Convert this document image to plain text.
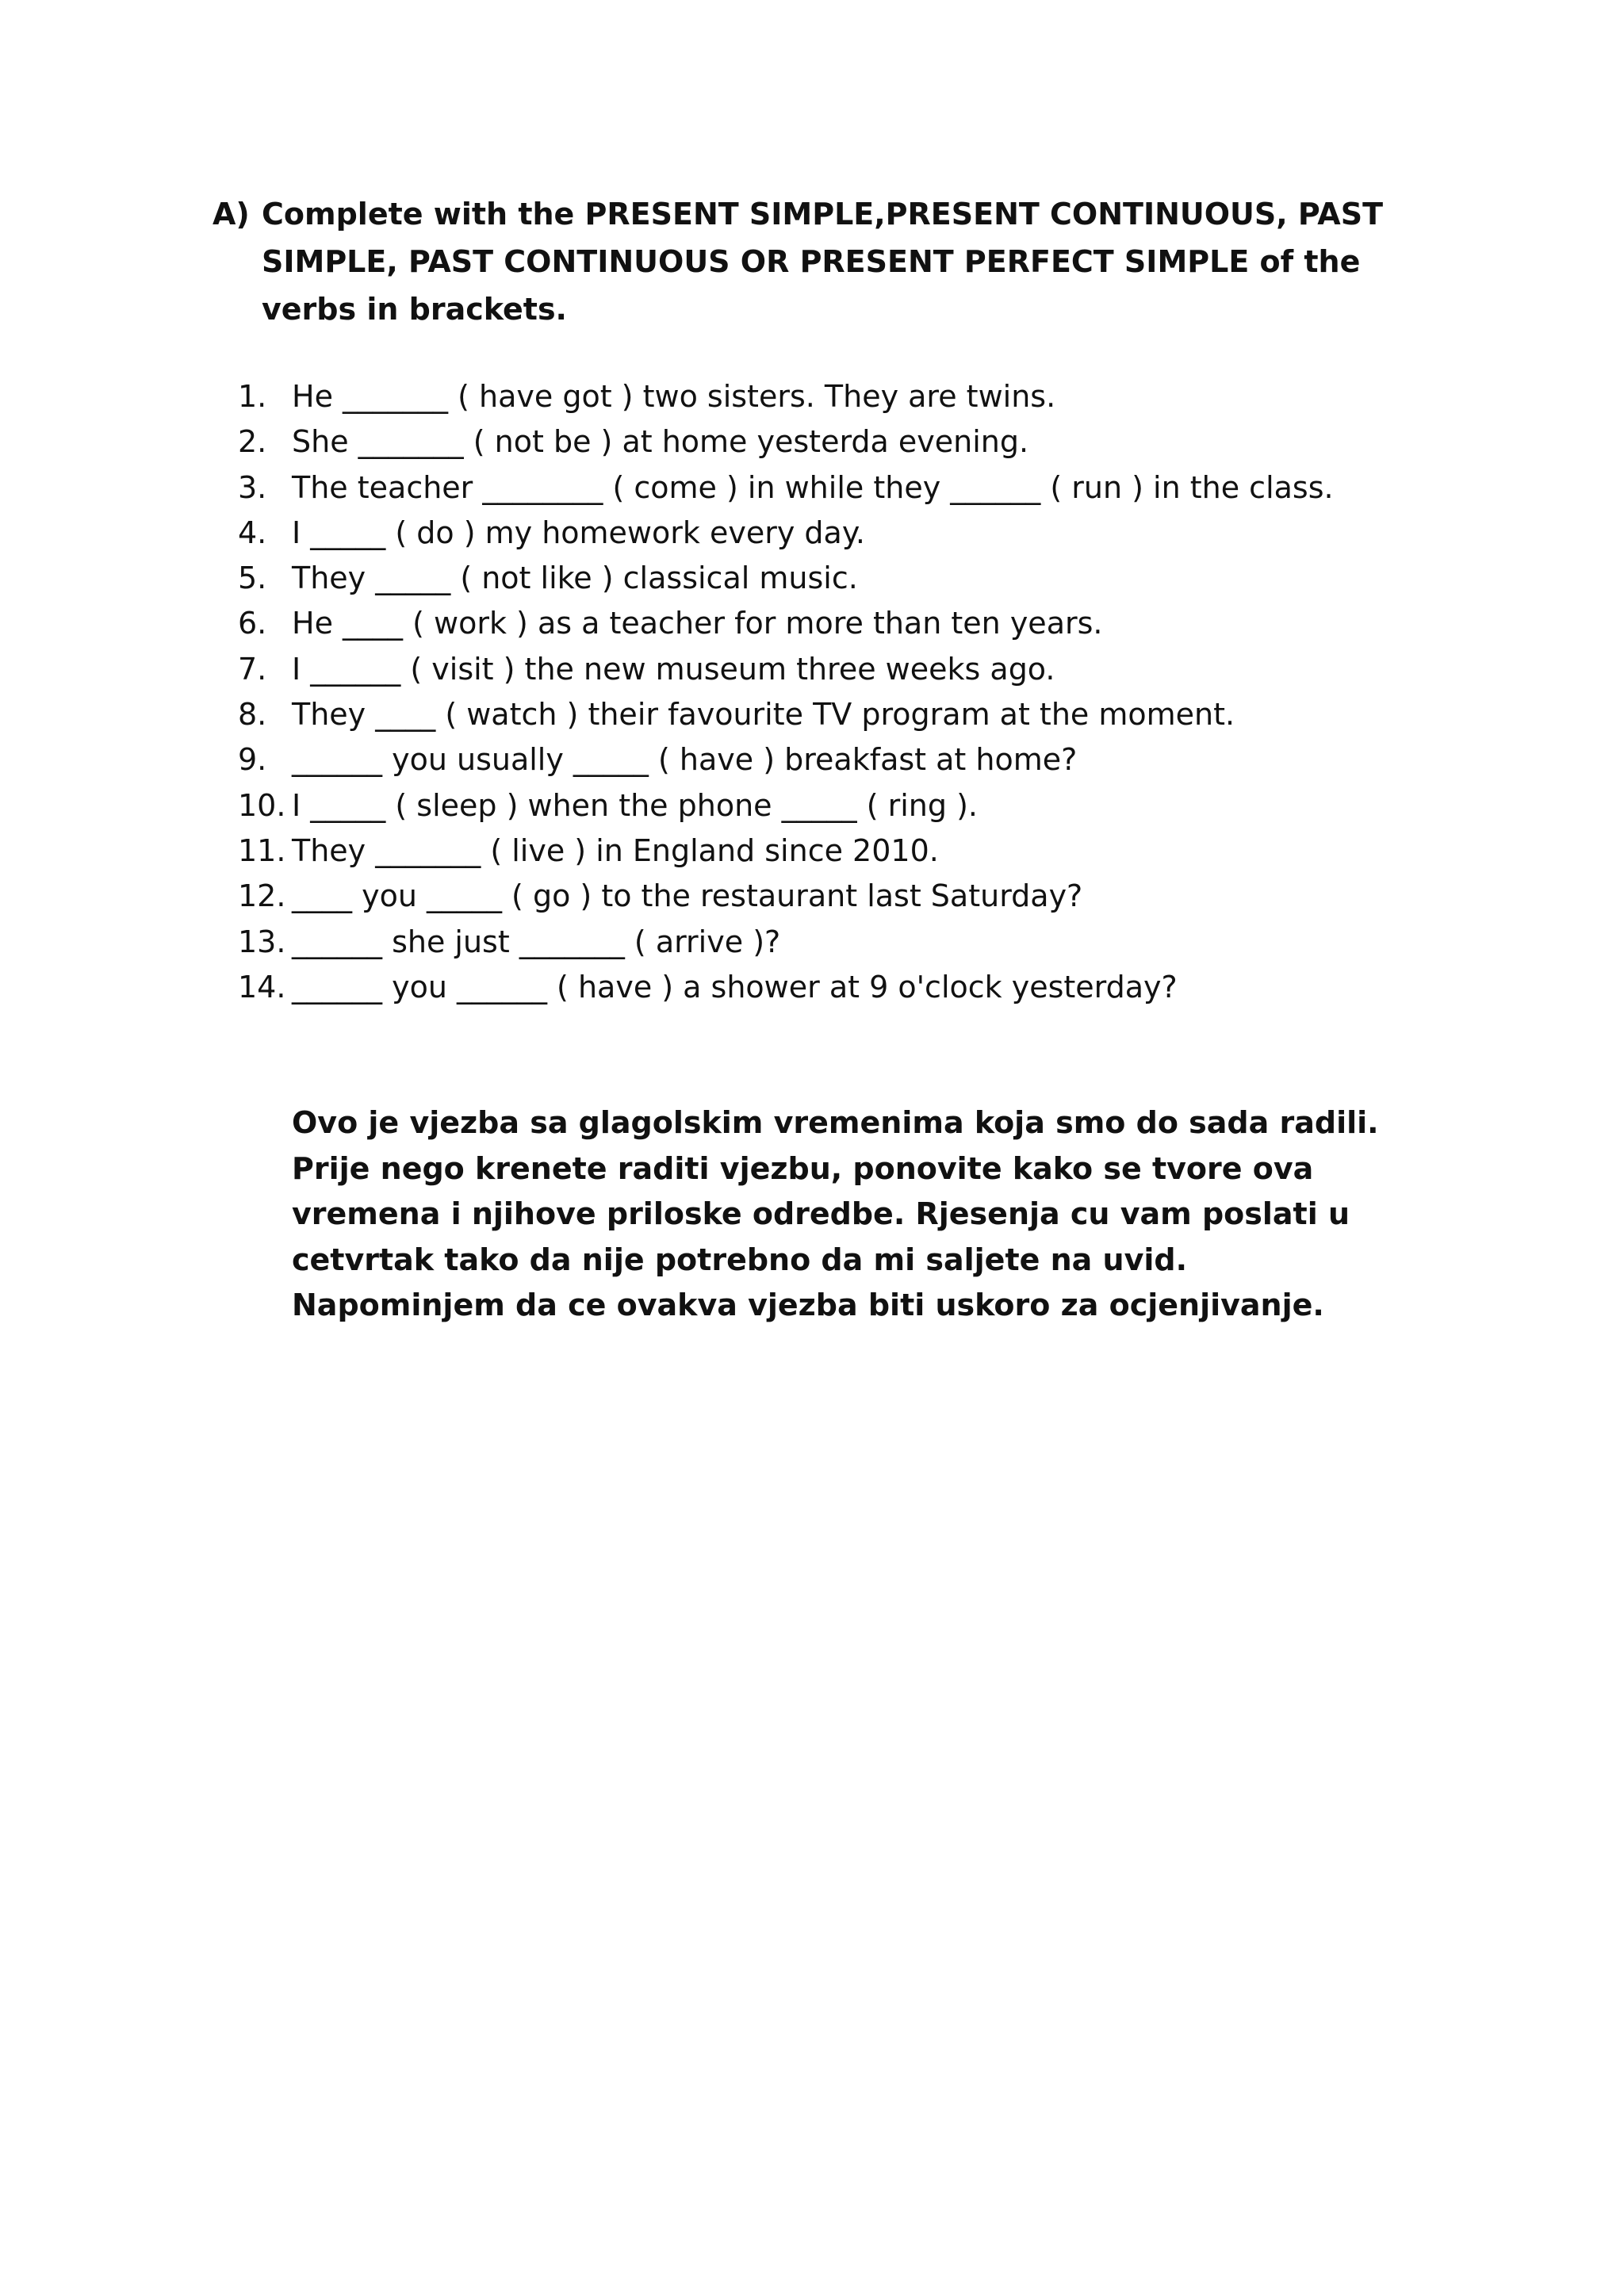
A) Complete with the PRESENT SIMPLE,PRESENT CONTINUOUS, PAST SIMPLE, PAST CONTINUOUS OR PRESENT PERFECT SIMPLE of the verbs in brackets.
1. He _______ ( have got ) two sisters. They are twins.
2. She _______ ( not be ) at home yesterda evening.
3. The teacher ________ ( come ) in while they ______ ( run ) in the class.
4. I _____ ( do ) my homework every day.
5. They _____ ( not like ) classical music.
6. He ____ ( work ) as a teacher for more than ten years.
7. I ______ ( visit ) the new museum three weeks ago.
8. They ____ ( watch ) their favourite TV program at the moment.
9. ______ you usually _____ ( have ) breakfast at home?
10. I _____ ( sleep ) when the phone _____ ( ring ).
11. They _______ ( live ) in England since 2010.
12. ____ you _____ ( go ) to the restaurant last Saturday?
13. ______ she just _______ ( arrive )?
14. ______ you ______ ( have ) a shower at 9 o'clock yesterday?

Ovo je vjezba sa glagolskim vremenima koja smo do sada radili. Prije nego krenete raditi vjezbu, ponovite kako se tvore ova vremena i njihove priloske odredbe. Rjesenja cu vam poslati u cetvrtak tako da nije potrebno da mi saljete na uvid.

Napominjem da ce ovakva vjezba biti uskoro za ocjenjivanje.
